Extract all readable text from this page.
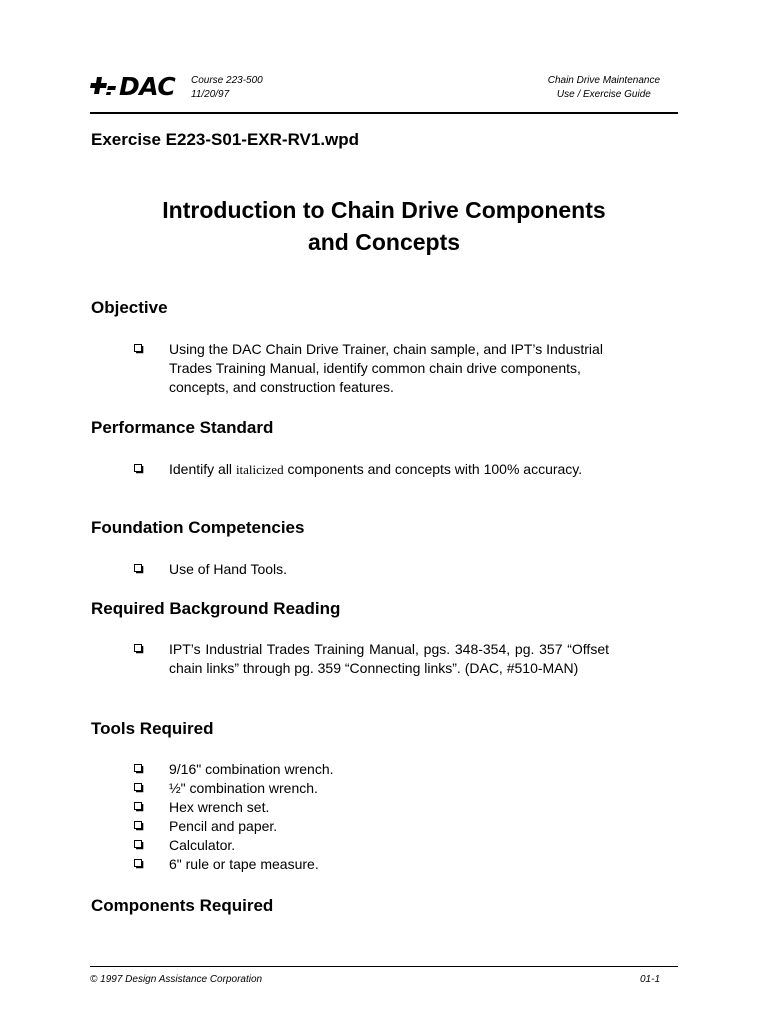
DAC Course 223-500
11/20/97
Chain Drive Maintenance
Use / Exercise Guide
Exercise E223-S01-EXR-RV1.wpd
Introduction to Chain Drive Components
and Concepts
Objective
Using the DAC Chain Drive Trainer, chain sample, and IPT’s Industrial Trades Training Manual, identify common chain drive components, concepts, and construction features.
Performance Standard
Identify all italicized components and concepts with 100% accuracy.
Foundation Competencies
Use of Hand Tools.
Required Background Reading
IPT’s Industrial Trades Training Manual, pgs. 348-354, pg. 357 “Offset chain links” through pg. 359 “Connecting links”. (DAC, #510-MAN)
Tools Required
9/16" combination wrench.
½" combination wrench.
Hex wrench set.
Pencil and paper.
Calculator.
6" rule or tape measure.
Components Required
© 1997 Design Assistance Corporation	01-1
